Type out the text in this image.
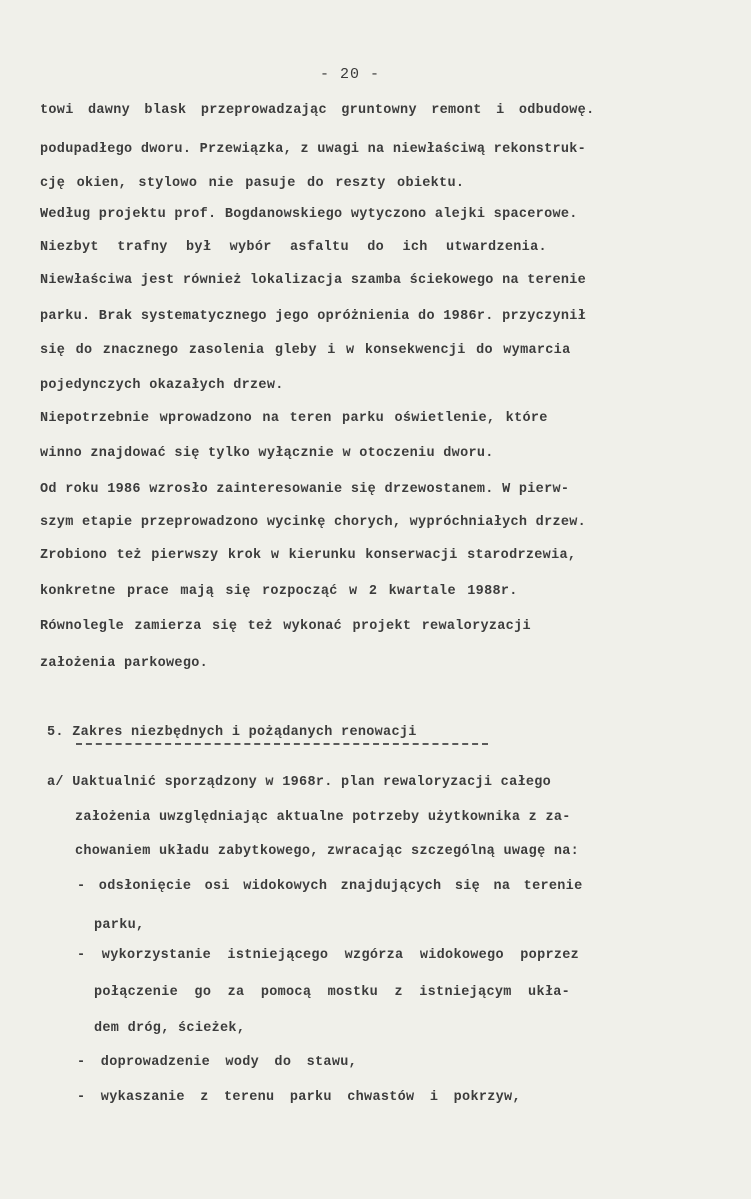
- 20 -
towi dawny blask przeprowadzając gruntowny remont i odbudowę.
podupadłego dworu. Przewiązka, z uwagi na niewłaściwą rekonstruk-
cję okien, stylowo nie pasuje do reszty obiektu.
Według projektu prof. Bogdanowskiego wytyczono alejki spacerowe.
Niezbyt trafny był wybór asfaltu do ich utwardzenia.
Niewłaściwa jest również lokalizacja szamba ściekowego na terenie
parku. Brak systematycznego jego opróżnienia do 1986r. przyczynił
się do znacznego zasolenia gleby i w konsekwencji do wymarcia
pojedynczych okazałych drzew.
Niepotrzebnie wprowadzono na teren parku oświetlenie, które
winno znajdować się tylko wyłącznie w otoczeniu dworu.
Od roku 1986 wzrosło zainteresowanie się drzewostanem. W pierw-
szym etapie przeprowadzono wycinkę chorych, wypróchniałych drzew.
Zrobiono też pierwszy krok w kierunku konserwacji starodrzewia,
konkretne prace mają się rozpocząć w 2 kwartale 1988r.
Równolegle zamierza się też wykonać projekt rewaloryzacji
założenia parkowego.
5. Zakres niezbędnych i pożądanych renowacji
a/ Uaktualnić sporządzony w 1968r. plan rewaloryzacji całego
założenia uwzględniając aktualne potrzeby użytkownika z za-
chowaniem układu zabytkowego, zwracając szczególną uwagę na:
- odsłonięcie osi widokowych znajdujących się na terenie
parku,
- wykorzystanie istniejącego wzgórza widokowego poprzez
połączenie go za pomocą mostku z istniejącym ukła-
dem dróg, ścieżek,
- doprowadzenie wody do stawu,
- wykaszanie z terenu parku chwastów i pokrzyw,
